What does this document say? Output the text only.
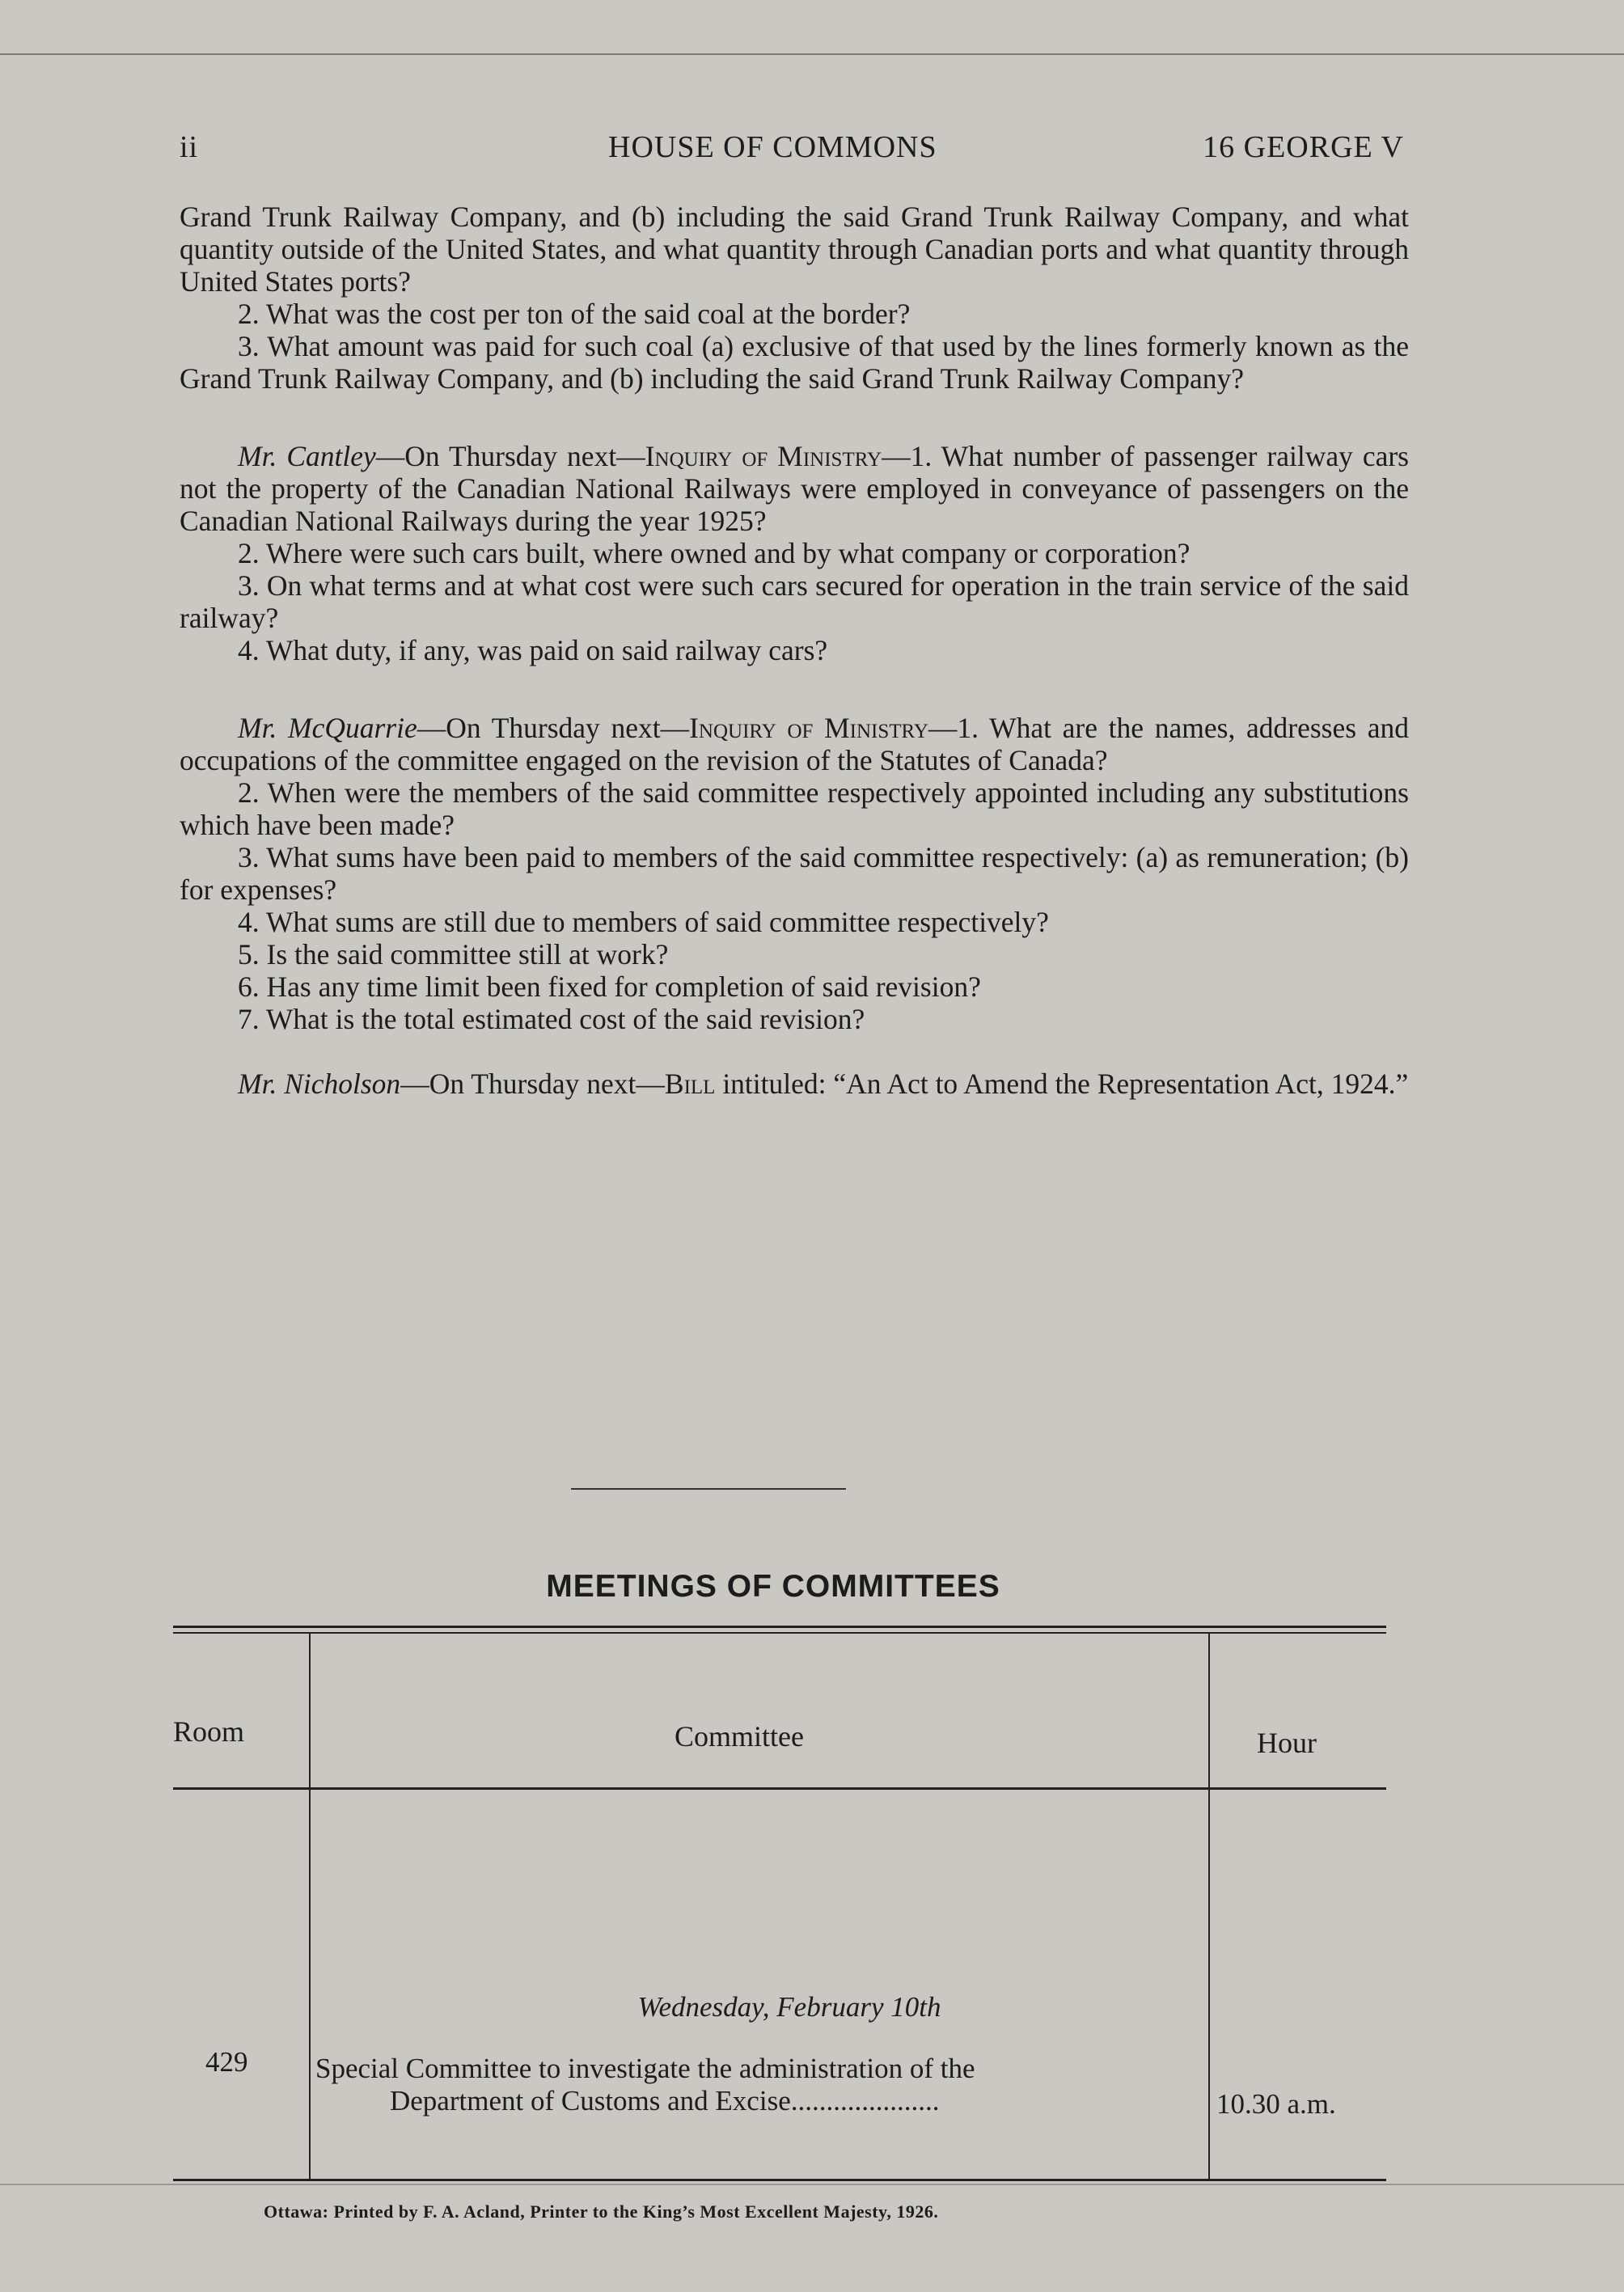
ii	HOUSE OF COMMONS	16 GEORGE V

Grand Trunk Railway Company, and (b) including the said Grand Trunk Railway Company, and what quantity outside of the United States, and what quantity through Canadian ports and what quantity through United States ports?

2. What was the cost per ton of the said coal at the border?

3. What amount was paid for such coal (a) exclusive of that used by the lines formerly known as the Grand Trunk Railway Company, and (b) including the said Grand Trunk Railway Company?

Mr. Cantley—On Thursday next—Inquiry of Ministry—1. What number of passenger railway cars not the property of the Canadian National Railways were employed in conveyance of passengers on the Canadian National Railways during the year 1925?

2. Where were such cars built, where owned and by what company or corporation?

3. On what terms and at what cost were such cars secured for operation in the train service of the said railway?

4. What duty, if any, was paid on said railway cars?

Mr. McQuarrie—On Thursday next—Inquiry of Ministry—1. What are the names, addresses and occupations of the committee engaged on the revision of the Statutes of Canada?

2. When were the members of the said committee respectively appointed including any substitutions which have been made?

3. What sums have been paid to members of the said committee respectively: (a) as remuneration; (b) for expenses?

4. What sums are still due to members of said committee respectively?

5. Is the said committee still at work?

6. Has any time limit been fixed for completion of said revision?

7. What is the total estimated cost of the said revision?

Mr. Nicholson—On Thursday next—Bill intituled: “An Act to Amend the Representation Act, 1924.”

MEETINGS OF COMMITTEES
Room	Committee	Hour
Wednesday, February 10th
429 Special Committee to investigate the administration of the
Department of Customs and Excise.....................	10.30 a.m.
Ottawa: Printed by F. A. Acland, Printer to the King’s Most Excellent Majesty, 1926.
